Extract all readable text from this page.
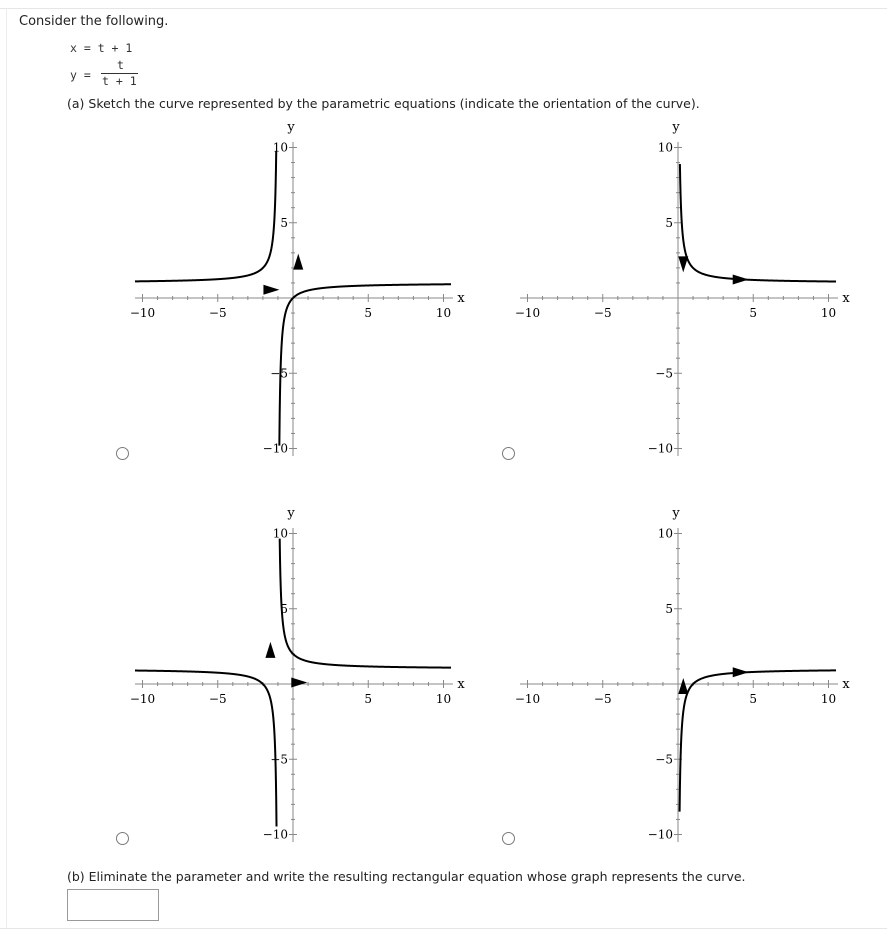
Consider the following.
x = t + 1
y =
t
t + 1
(a) Sketch the curve represented by the parametric equations (indicate the orientation of the curve).
−10	−5	5	10
10
5
−5
−10
x
y
−10	−5	5	10
10
5
−5
−10
x
y
−10	−5	5	10
10
5
−5
−10
x
y
−10	−5	5	10
10
5
−5
−10
x
y
(b) Eliminate the parameter and write the resulting rectangular equation whose graph represents the curve.
